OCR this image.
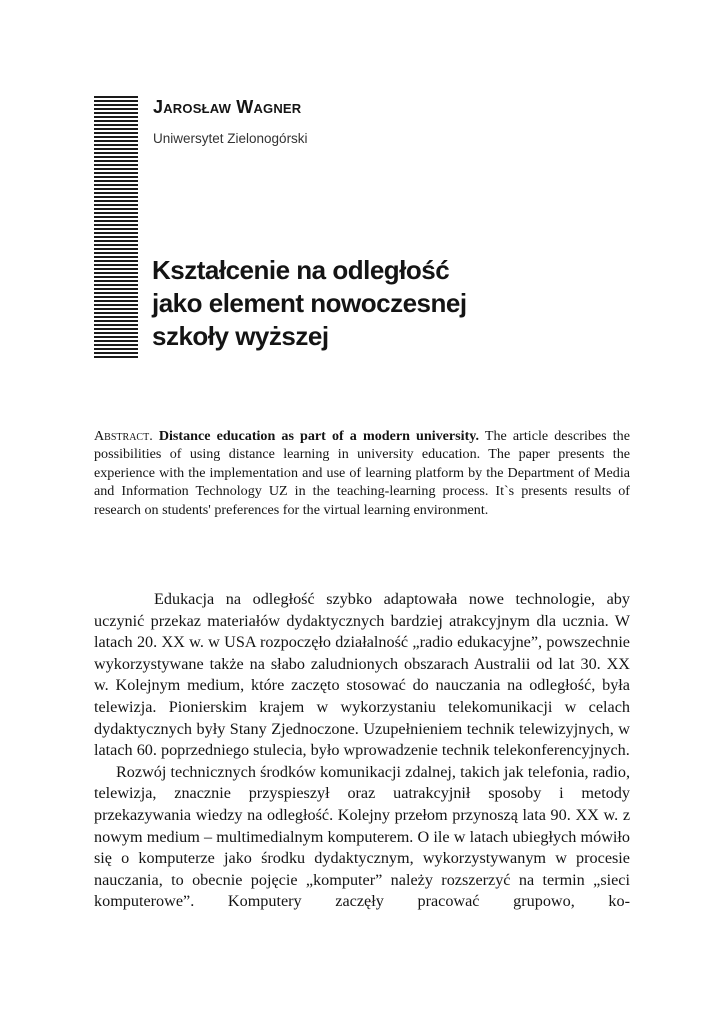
Jarosław Wagner
Uniwersytet Zielonogórski
Kształcenie na odległość
jako element nowoczesnej
szkoły wyższej

Abstract. Distance education as part of a modern university. The article describes the possibilities of using distance learning in university education. The paper presents the experience with the implementation and use of learning platform by the Department of Media and Information Technology UZ in the teaching-learning process. It`s presents results of research on students' preferences for the virtual learning environment.

Edukacja na odległość szybko adaptowała nowe technologie, aby uczynić przekaz materiałów dydaktycznych bardziej atrakcyjnym dla ucznia. W latach 20. XX w. w USA rozpoczęło działalność „radio edukacyjne”, powszechnie wykorzystywane także na słabo zaludnionych obszarach Australii od lat 30. XX w. Kolejnym medium, które zaczęto stosować do nauczania na odległość, była telewizja. Pionierskim krajem w wykorzystaniu telekomunikacji w celach dydaktycznych były Stany Zjednoczone. Uzupełnieniem technik telewizyjnych, w latach 60. poprzedniego stulecia, było wprowadzenie technik telekonferencyjnych.

Rozwój technicznych środków komunikacji zdalnej, takich jak telefonia, radio, telewizja, znacznie przyspieszył oraz uatrakcyjnił sposoby i metody przekazywania wiedzy na odległość. Kolejny przełom przynoszą lata 90. XX w. z nowym medium – multimedialnym komputerem. O ile w latach ubiegłych mówiło się o komputerze jako środku dydaktycznym, wykorzystywanym w procesie nauczania, to obecnie pojęcie „komputer” należy rozszerzyć na termin „sieci komputerowe”. Komputery zaczęły pracować grupowo, ko-
